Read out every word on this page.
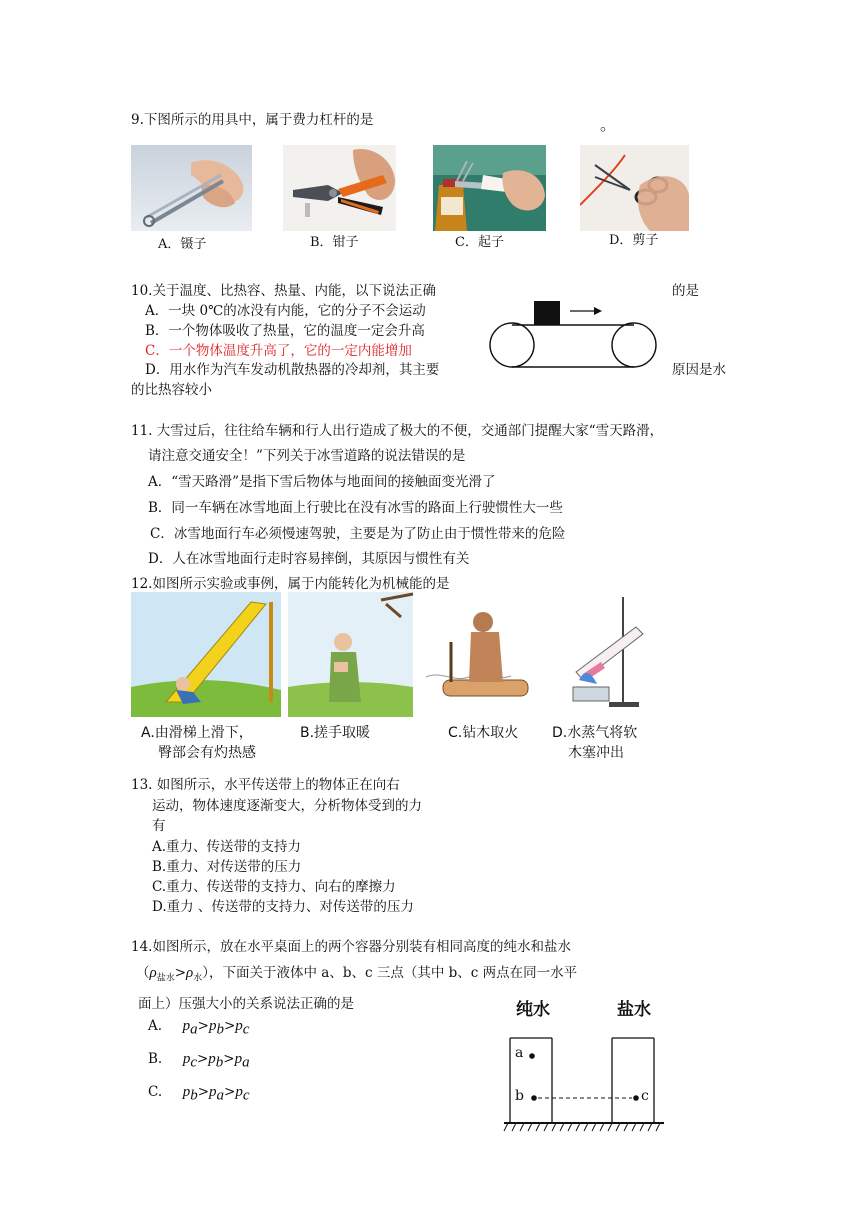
9.下图所示的用具中，属于费力杠杆的是	。
A．镊子	B．钳子	C．起子	D．剪子
10.关于温度、比热容、热量、内能，以下说法正确	的是
A．一块 0℃的冰没有内能，它的分子不会运动
B．一个物体吸收了热量，它的温度一定会升高
C．一个物体温度升高了，它的一定内能增加
D．用水作为汽车发动机散热器的冷却剂，其主要	原因是水
的比热容较小
11. 大雪过后，往往给车辆和行人出行造成了极大的不便，交通部门提醒大家“雪天路滑，
请注意交通安全！”下列关于冰雪道路的说法错误的是
A．“雪天路滑”是指下雪后物体与地面间的接触面变光滑了
B．同一车辆在冰雪地面上行驶比在没有冰雪的路面上行驶惯性大一些
C．冰雪地面行车必须慢速驾驶，主要是为了防止由于惯性带来的危险
D．人在冰雪地面行走时容易摔倒，其原因与惯性有关
12.如图所示实验或事例，属于内能转化为机械能的是
A.由滑梯上滑下，
臀部会有灼热感
B.搓手取暖	C.钻木取火 D.水蒸气将软
木塞冲出
13. 如图所示，水平传送带上的物体正在向右
运动，物体速度逐渐变大，分析物体受到的力
有
A.重力、传送带的支持力
B.重力、对传送带的压力
C.重力、传送带的支持力、向右的摩擦力
D.重力 、传送带的支持力、对传送带的压力
14.如图所示，放在水平桌面上的两个容器分别装有相同高度的纯水和盐水
$(\rho_{盐水}>\rho_水)$，下面关于液体中 a、b、c 三点（其中 b、c 两点在同一水平
面上）压强大小的关系说法正确的是
A. $p_a>p_b>p_c$
B. $p_c>p_b>p_a$
C. $p_b>p_a>p_c$
纯水	盐水
a
b	c
